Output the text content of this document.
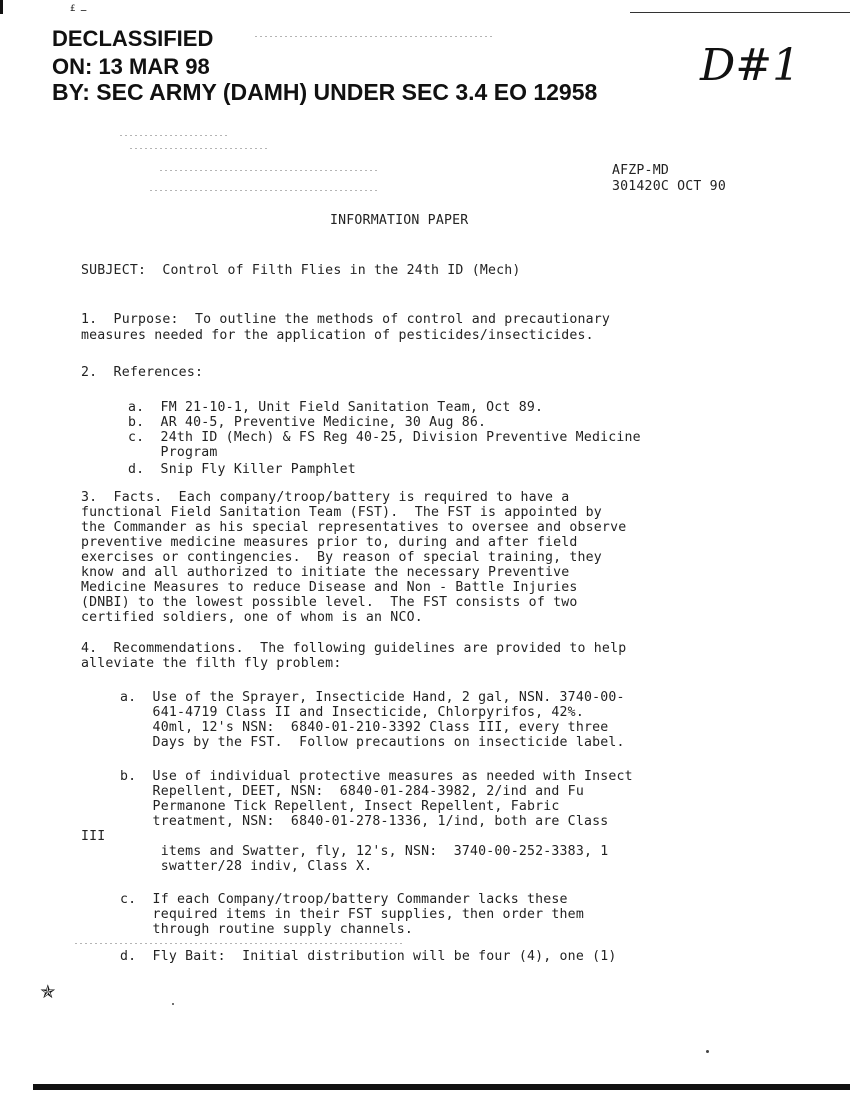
£ ـ
DECLASSIFIED
ON: 13 MAR 98
BY: SEC ARMY (DAMH) UNDER SEC 3.4 EO 12958
D#1
AFZP-MD
301420C OCT 90
INFORMATION PAPER
SUBJECT:  Control of Filth Flies in the 24th ID (Mech)
1.  Purpose:  To outline the methods of control and precautionary
measures needed for the application of pesticides/insecticides.
2.  References:
a.  FM 21-10-1, Unit Field Sanitation Team, Oct 89.
b.  AR 40-5, Preventive Medicine, 30 Aug 86.
c.  24th ID (Mech) & FS Reg 40-25, Division Preventive Medicine
Program
d.  Snip Fly Killer Pamphlet
3.  Facts.  Each company/troop/battery is required to have a
functional Field Sanitation Team (FST).  The FST is appointed by
the Commander as his special representatives to oversee and observe
preventive medicine measures prior to, during and after field
exercises or contingencies.  By reason of special training, they
know and all authorized to initiate the necessary Preventive
Medicine Measures to reduce Disease and Non - Battle Injuries
(DNBI) to the lowest possible level.  The FST consists of two
certified soldiers, one of whom is an NCO.
4.  Recommendations.  The following guidelines are provided to help
alleviate the filth fly problem:
a.  Use of the Sprayer, Insecticide Hand, 2 gal, NSN. 3740-00-
641-4719 Class II and Insecticide, Chlorpyrifos, 42%.
40ml, 12's NSN:  6840-01-210-3392 Class III, every three
Days by the FST.  Follow precautions on insecticide label.
b.  Use of individual protective measures as needed with Insect
Repellent, DEET, NSN:  6840-01-284-3982, 2/ind and Fu
Permanone Tick Repellent, Insect Repellent, Fabric
treatment, NSN:  6840-01-278-1336, 1/ind, both are Class
III
items and Swatter, fly, 12's, NSN:  3740-00-252-3383, 1
swatter/28 indiv, Class X.
c.  If each Company/troop/battery Commander lacks these
required items in their FST supplies, then order them
through routine supply channels.
d.  Fly Bait:  Initial distribution will be four (4), one (1)
✯
